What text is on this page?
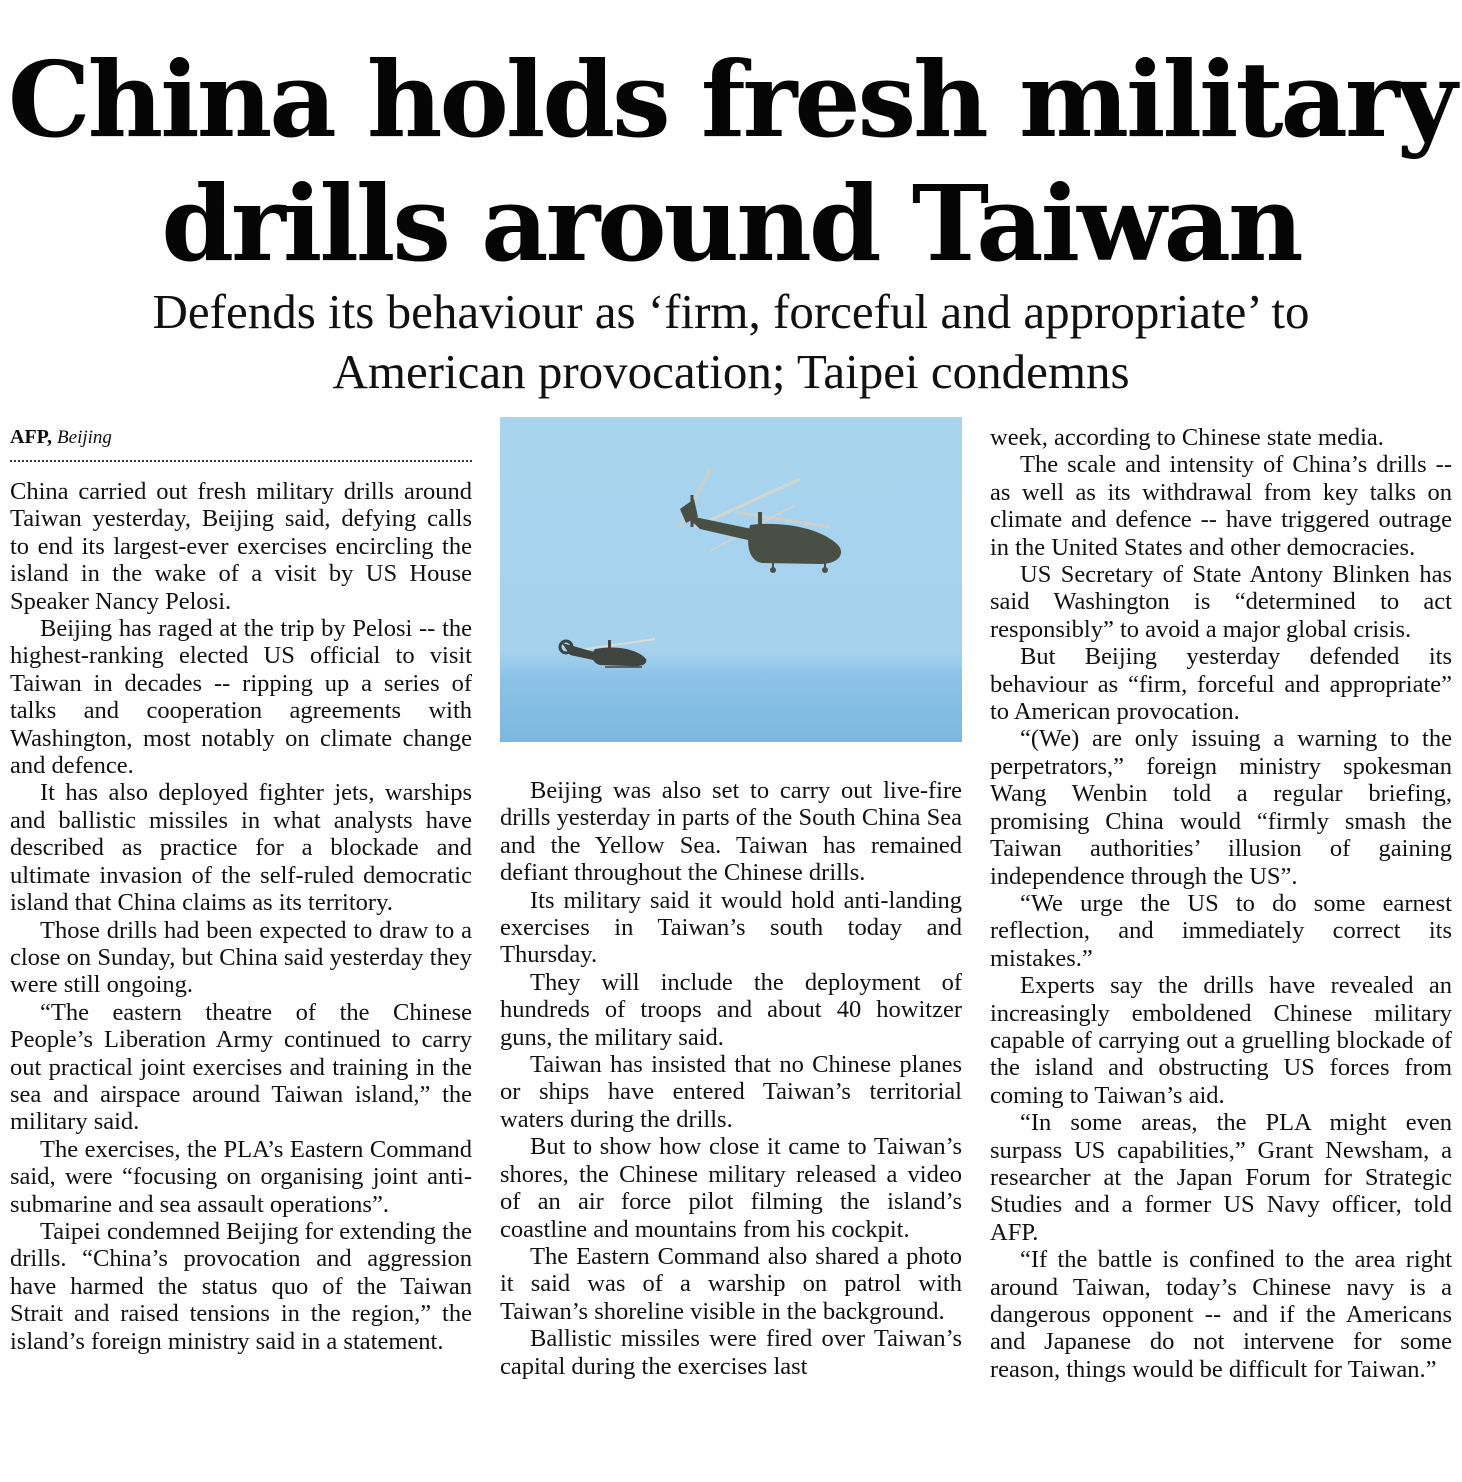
China holds fresh military
drills around Taiwan
Defends its behaviour as ‘firm, forceful and appropriate’ to
American provocation; Taipei condemns
AFP, Beijing

China carried out fresh military drills around Taiwan yesterday, Beijing said, defying calls to end its largest-ever exercises encircling the island in the wake of a visit by US House Speaker Nancy Pelosi.

Beijing has raged at the trip by Pelosi -- the highest-ranking elected US official to visit Taiwan in decades -- ripping up a series of talks and cooperation agreements with Washington, most notably on climate change and defence.

It has also deployed fighter jets, warships and ballistic missiles in what analysts have described as practice for a blockade and ultimate invasion of the self-ruled democratic island that China claims as its territory.

Those drills had been expected to draw to a close on Sunday, but China said yesterday they were still ongoing.

“The eastern theatre of the Chinese People’s Liberation Army continued to carry out practical joint exercises and training in the sea and airspace around Taiwan island,” the military said.

The exercises, the PLA’s Eastern Command said, were “focusing on organising joint anti-submarine and sea assault operations”.

Taipei condemned Beijing for extending the drills. “China’s provocation and aggression have harmed the status quo of the Taiwan Strait and raised tensions in the region,” the island’s foreign ministry said in a statement.

Beijing was also set to carry out live-fire drills yesterday in parts of the South China Sea and the Yellow Sea. Taiwan has remained defiant throughout the Chinese drills.

Its military said it would hold anti-landing exercises in Taiwan’s south today and Thursday.

They will include the deployment of hundreds of troops and about 40 howitzer guns, the military said.

Taiwan has insisted that no Chinese planes or ships have entered Taiwan’s territorial waters during the drills.

But to show how close it came to Taiwan’s shores, the Chinese military released a video of an air force pilot filming the island’s coastline and mountains from his cockpit.

The Eastern Command also shared a photo it said was of a warship on patrol with Taiwan’s shoreline visible in the background.

Ballistic missiles were fired over Taiwan’s capital during the exercises last

week, according to Chinese state media.

The scale and intensity of China’s drills -- as well as its withdrawal from key talks on climate and defence -- have triggered outrage in the United States and other democracies.

US Secretary of State Antony Blinken has said Washington is “determined to act responsibly” to avoid a major global crisis.

But Beijing yesterday defended its behaviour as “firm, forceful and appropriate” to American provocation.

“(We) are only issuing a warning to the perpetrators,” foreign ministry spokesman Wang Wenbin told a regular briefing, promising China would “firmly smash the Taiwan authorities’ illusion of gaining independence through the US”.

“We urge the US to do some earnest reflection, and immediately correct its mistakes.”

Experts say the drills have revealed an increasingly emboldened Chinese military capable of carrying out a gruelling blockade of the island and obstructing US forces from coming to Taiwan’s aid.

“In some areas, the PLA might even surpass US capabilities,” Grant Newsham, a researcher at the Japan Forum for Strategic Studies and a former US Navy officer, told AFP.

“If the battle is confined to the area right around Taiwan, today’s Chinese navy is a dangerous opponent -- and if the Americans and Japanese do not intervene for some reason, things would be difficult for Taiwan.”
